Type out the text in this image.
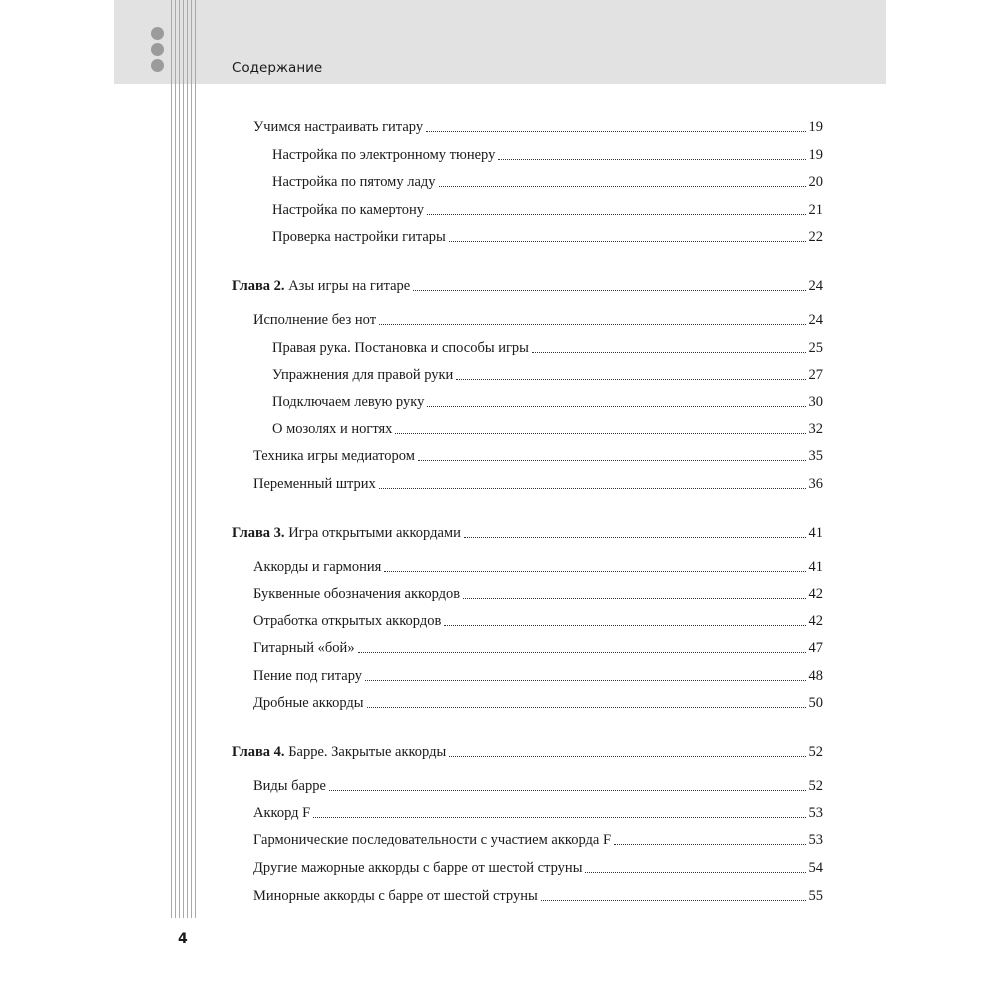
Содержание
Учимся настраивать гитару	19
Настройка по электронному тюнеру	19
Настройка по пятому ладу	20
Настройка по камертону	21
Проверка настройки гитары	22
Глава 2. Азы игры на гитаре	24
Исполнение без нот	24
Правая рука. Постановка и способы игры	25
Упражнения для правой руки	27
Подключаем левую руку	30
О мозолях и ногтях	32
Техника игры медиатором	35
Переменный штрих	36
Глава 3. Игра открытыми аккордами	41
Аккорды и гармония	41
Буквенные обозначения аккордов	42
Отработка открытых аккордов	42
Гитарный «бой»	47
Пение под гитару	48
Дробные аккорды	50
Глава 4. Барре. Закрытые аккорды	52
Виды барре	52
Аккорд F	53
Гармонические последовательности с участием аккорда F	53
Другие мажорные аккорды с барре от шестой струны	54
Минорные аккорды с барре от шестой струны	55
4
